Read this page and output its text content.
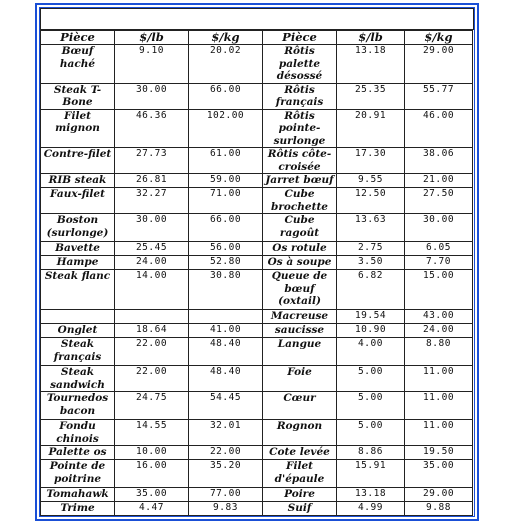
Pièce	$/lb	$/kg	Pièce	$/lb	$/kg
Bœuf haché	9.10	20.02	Rôtis palette désossé	13.18	29.00
Steak T-Bone	30.00	66.00	Rôtis français	25.35	55.77
Filet mignon	46.36	102.00	Rôtis pointe-surlonge	20.91	46.00
Contre-filet	27.73	61.00	Rôtis côte-croisée	17.30	38.06
RIB steak	26.81	59.00	Jarret bœuf	9.55	21.00
Faux-filet	32.27	71.00	Cube brochette	12.50	27.50
Boston (surlonge)	30.00	66.00	Cube ragoût	13.63	30.00
Bavette	25.45	56.00	Os rotule	2.75	6.05
Hampe	24.00	52.80	Os à soupe	3.50	7.70
Steak flanc	14.00	30.80	Queue de bœuf (oxtail)	6.82	15.00
			Macreuse	19.54	43.00
Onglet	18.64	41.00	saucisse	10.90	24.00
Steak français	22.00	48.40	Langue	4.00	8.80
Steak sandwich	22.00	48.40	Foie	5.00	11.00
Tournedos bacon	24.75	54.45	Cœur	5.00	11.00
Fondu chinois	14.55	32.01	Rognon	5.00	11.00
Palette os	10.00	22.00	Cote levée	8.86	19.50
Pointe de poitrine	16.00	35.20	Filet d'épaule	15.91	35.00
Tomahawk	35.00	77.00	Poire	13.18	29.00
Trime	4.47	9.83	Suif	4.99	9.88
